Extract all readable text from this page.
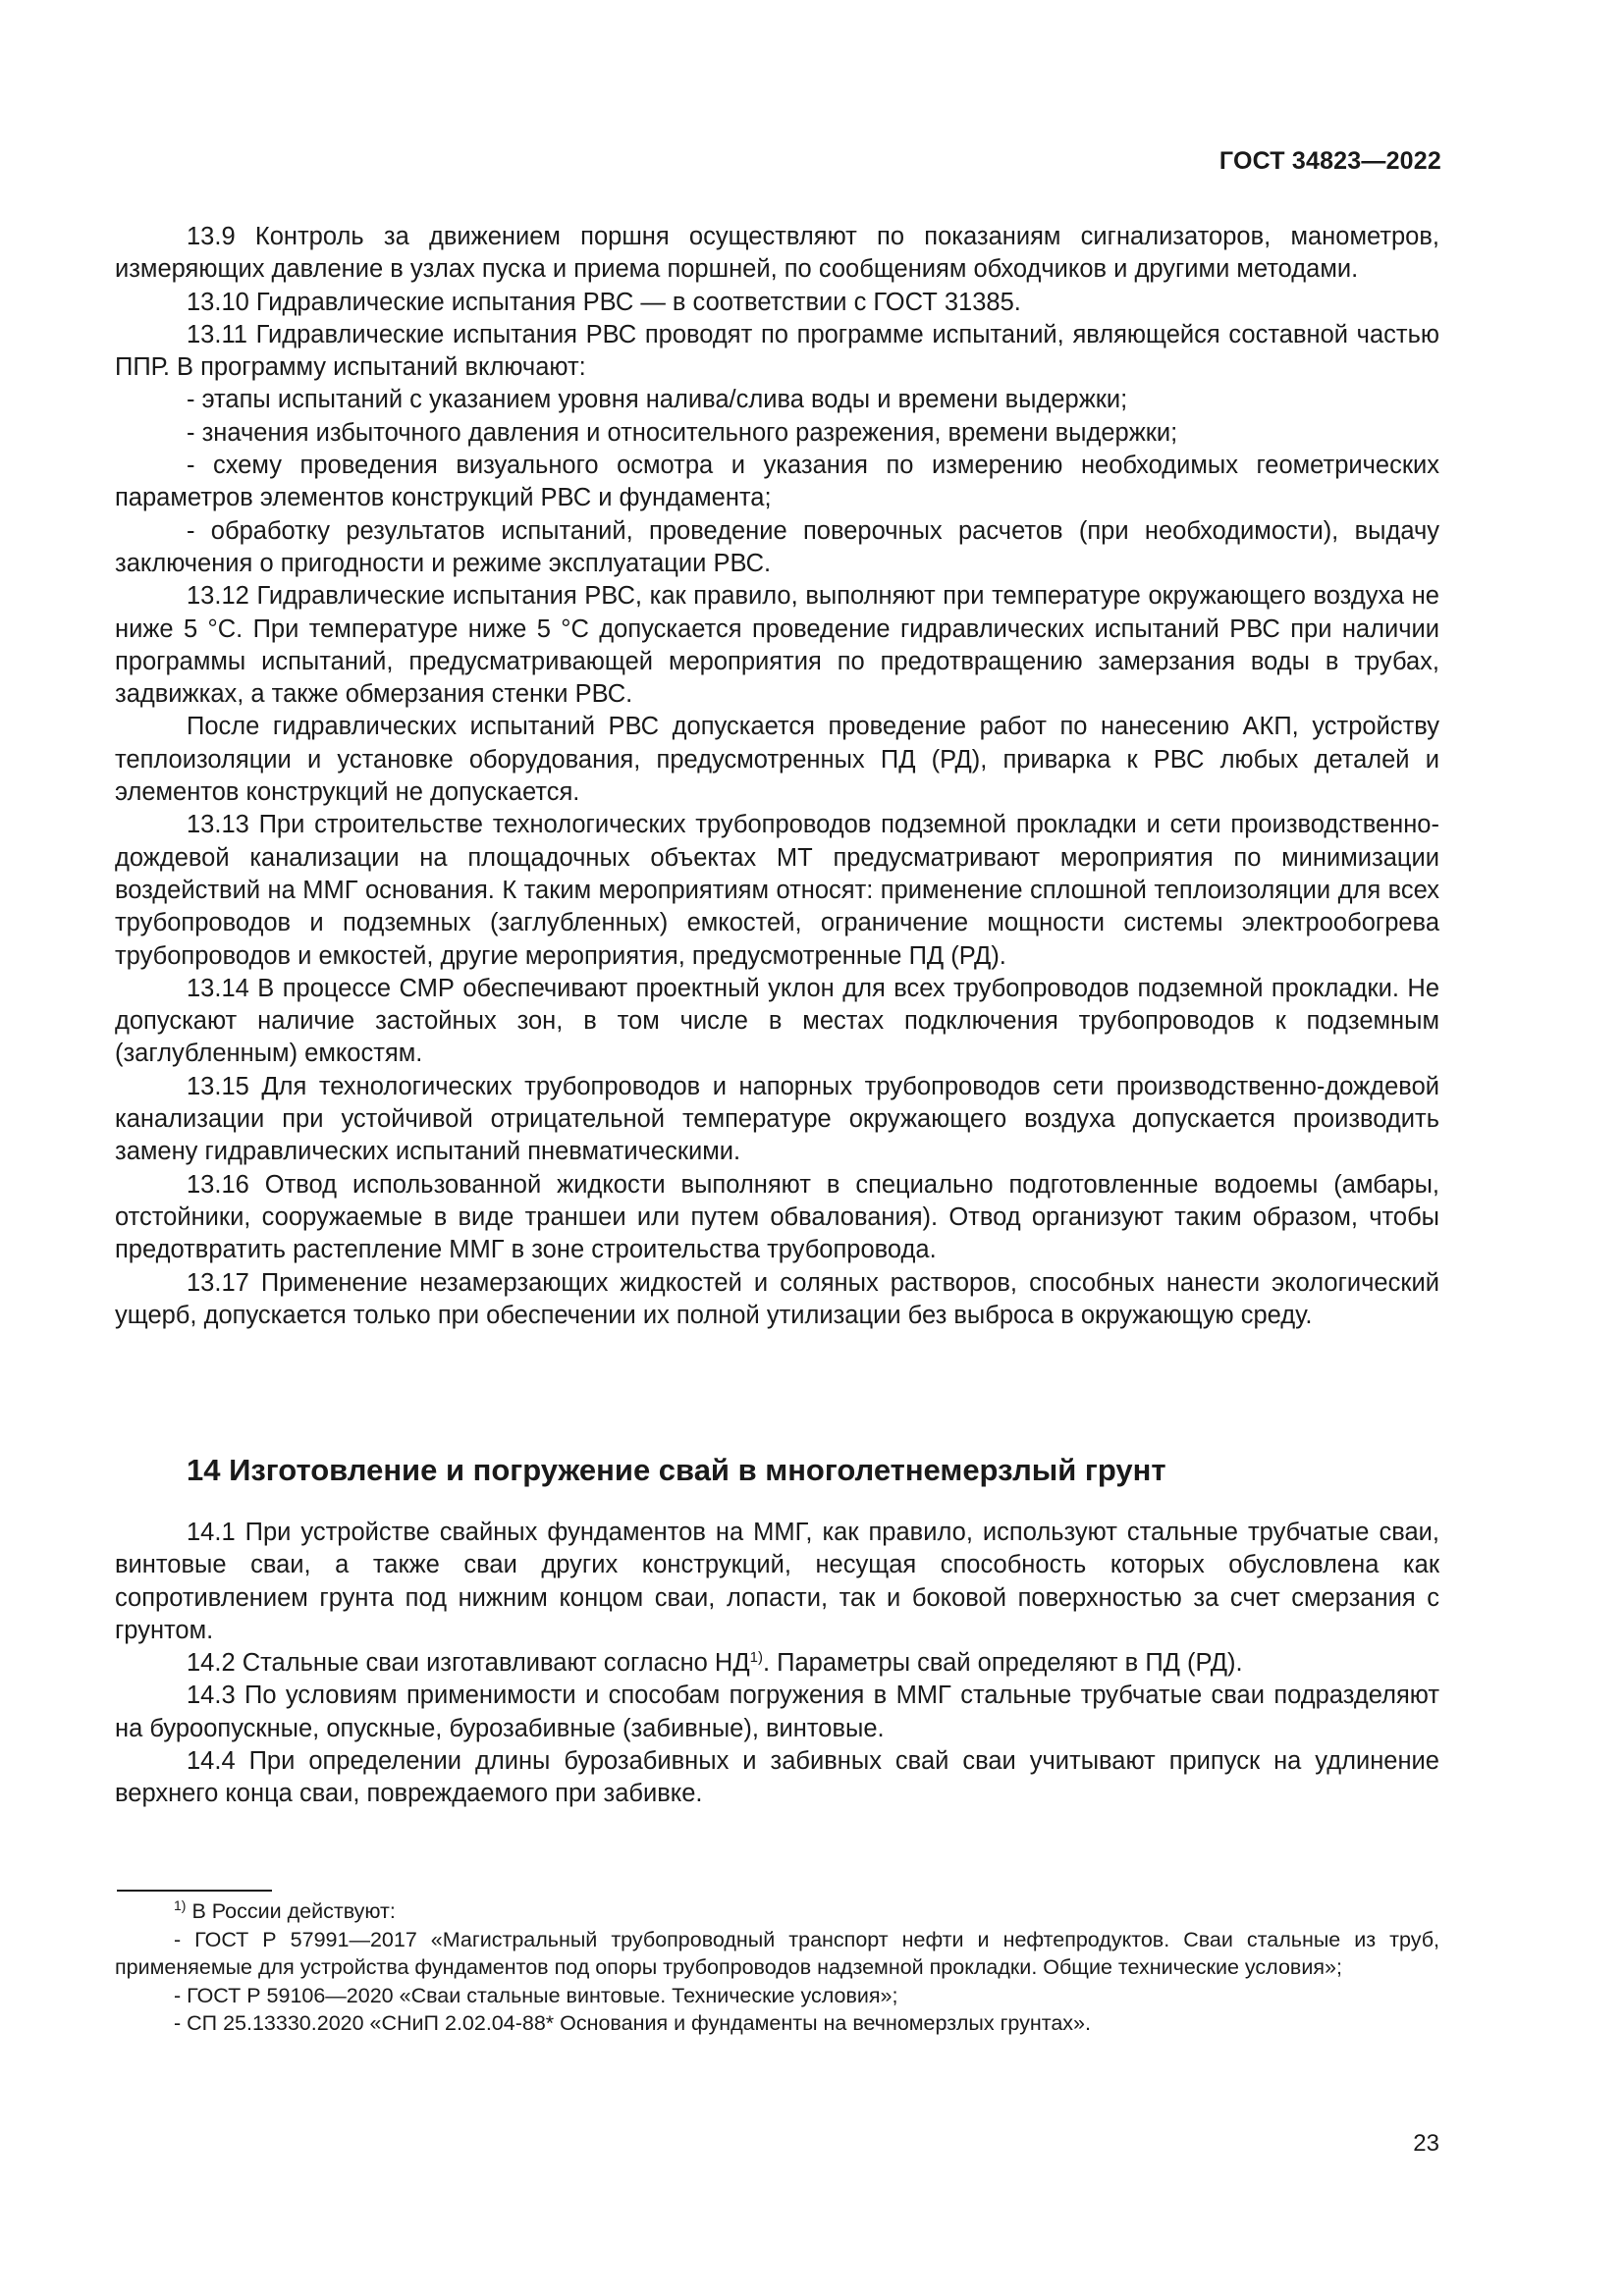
ГОСТ 34823—2022

13.9 Контроль за движением поршня осуществляют по показаниям сигнализаторов, манометров, измеряющих давление в узлах пуска и приема поршней, по сообщениям обходчиков и другими методами.

13.10 Гидравлические испытания РВС — в соответствии с ГОСТ 31385.

13.11 Гидравлические испытания РВС проводят по программе испытаний, являющейся составной частью ППР. В программу испытаний включают:

- этапы испытаний с указанием уровня налива/слива воды и времени выдержки;

- значения избыточного давления и относительного разрежения, времени выдержки;

- схему проведения визуального осмотра и указания по измерению необходимых геометрических параметров элементов конструкций РВС и фундамента;

- обработку результатов испытаний, проведение поверочных расчетов (при необходимости), выдачу заключения о пригодности и режиме эксплуатации РВС.

13.12 Гидравлические испытания РВС, как правило, выполняют при температуре окружающего воздуха не ниже 5 °С. При температуре ниже 5 °С допускается проведение гидравлических испытаний РВС при наличии программы испытаний, предусматривающей мероприятия по предотвращению замерзания воды в трубах, задвижках, а также обмерзания стенки РВС.

После гидравлических испытаний РВС допускается проведение работ по нанесению АКП, устройству теплоизоляции и установке оборудования, предусмотренных ПД (РД), приварка к РВС любых деталей и элементов конструкций не допускается.

13.13 При строительстве технологических трубопроводов подземной прокладки и сети производственно-дождевой канализации на площадочных объектах МТ предусматривают мероприятия по минимизации воздействий на ММГ основания. К таким мероприятиям относят: применение сплошной теплоизоляции для всех трубопроводов и подземных (заглубленных) емкостей, ограничение мощности системы электрообогрева трубопроводов и емкостей, другие мероприятия, предусмотренные ПД (РД).

13.14 В процессе СМР обеспечивают проектный уклон для всех трубопроводов подземной прокладки. Не допускают наличие застойных зон, в том числе в местах подключения трубопроводов к подземным (заглубленным) емкостям.

13.15 Для технологических трубопроводов и напорных трубопроводов сети производственно-дождевой канализации при устойчивой отрицательной температуре окружающего воздуха допускается производить замену гидравлических испытаний пневматическими.

13.16 Отвод использованной жидкости выполняют в специально подготовленные водоемы (амбары, отстойники, сооружаемые в виде траншеи или путем обвалования). Отвод организуют таким образом, чтобы предотвратить растепление ММГ в зоне строительства трубопровода.

13.17 Применение незамерзающих жидкостей и соляных растворов, способных нанести экологический ущерб, допускается только при обеспечении их полной утилизации без выброса в окружающую среду.

14 Изготовление и погружение свай в многолетнемерзлый грунт

14.1 При устройстве свайных фундаментов на ММГ, как правило, используют стальные трубчатые сваи, винтовые сваи, а также сваи других конструкций, несущая способность которых обусловлена как сопротивлением грунта под нижним концом сваи, лопасти, так и боковой поверхностью за счет смерзания с грунтом.

14.2 Стальные сваи изготавливают согласно НД$^{1)}$. Параметры свай определяют в ПД (РД).

14.3 По условиям применимости и способам погружения в ММГ стальные трубчатые сваи подразделяют на буроопускные, опускные, бурозабивные (забивные), винтовые.

14.4 При определении длины бурозабивных и забивных свай сваи учитывают припуск на удлинение верхнего конца сваи, повреждаемого при забивке.

$^{1)}$ В России действуют:

- ГОСТ Р 57991—2017 «Магистральный трубопроводный транспорт нефти и нефтепродуктов. Сваи стальные из труб, применяемые для устройства фундаментов под опоры трубопроводов надземной прокладки. Общие технические условия»;

- ГОСТ Р 59106—2020 «Сваи стальные винтовые. Технические условия»;

- СП 25.13330.2020 «СНиП 2.02.04-88* Основания и фундаменты на вечномерзлых грунтах».

23
